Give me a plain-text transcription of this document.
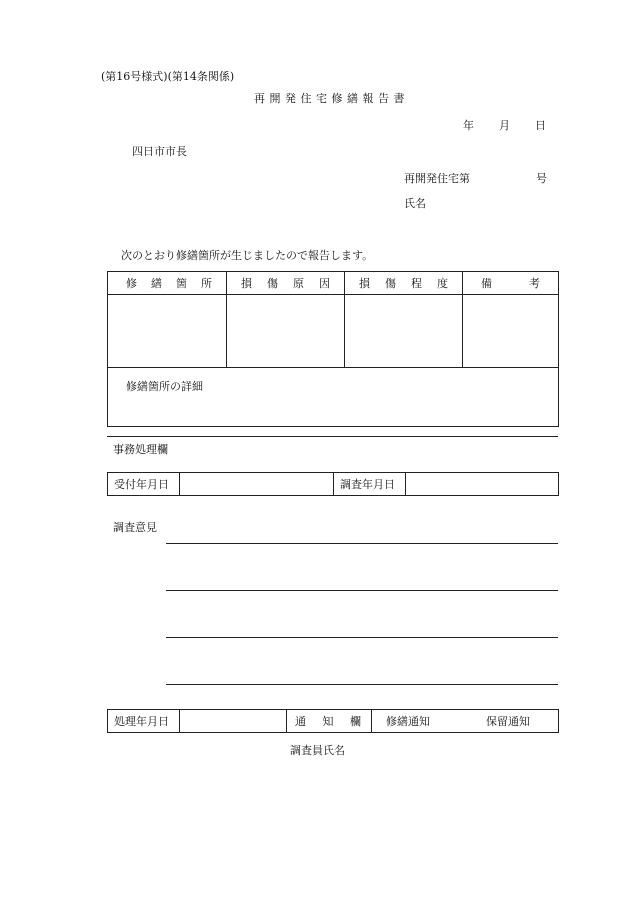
(第16号様式)(第14条関係)
再開発住宅修繕報告書
年 月 日
四日市市長
再開発住宅第	号
氏名
次のとおり修繕箇所が生じましたので報告します。
修 繕 箇 所	損 傷 原 因	損 傷 程 度	備 考

修繕箇所の詳細			
事務処理欄
受付年月日		調査年月日

調査意見
処理年月日		通 知 欄	修繕通知	保留通知
調査員氏名
